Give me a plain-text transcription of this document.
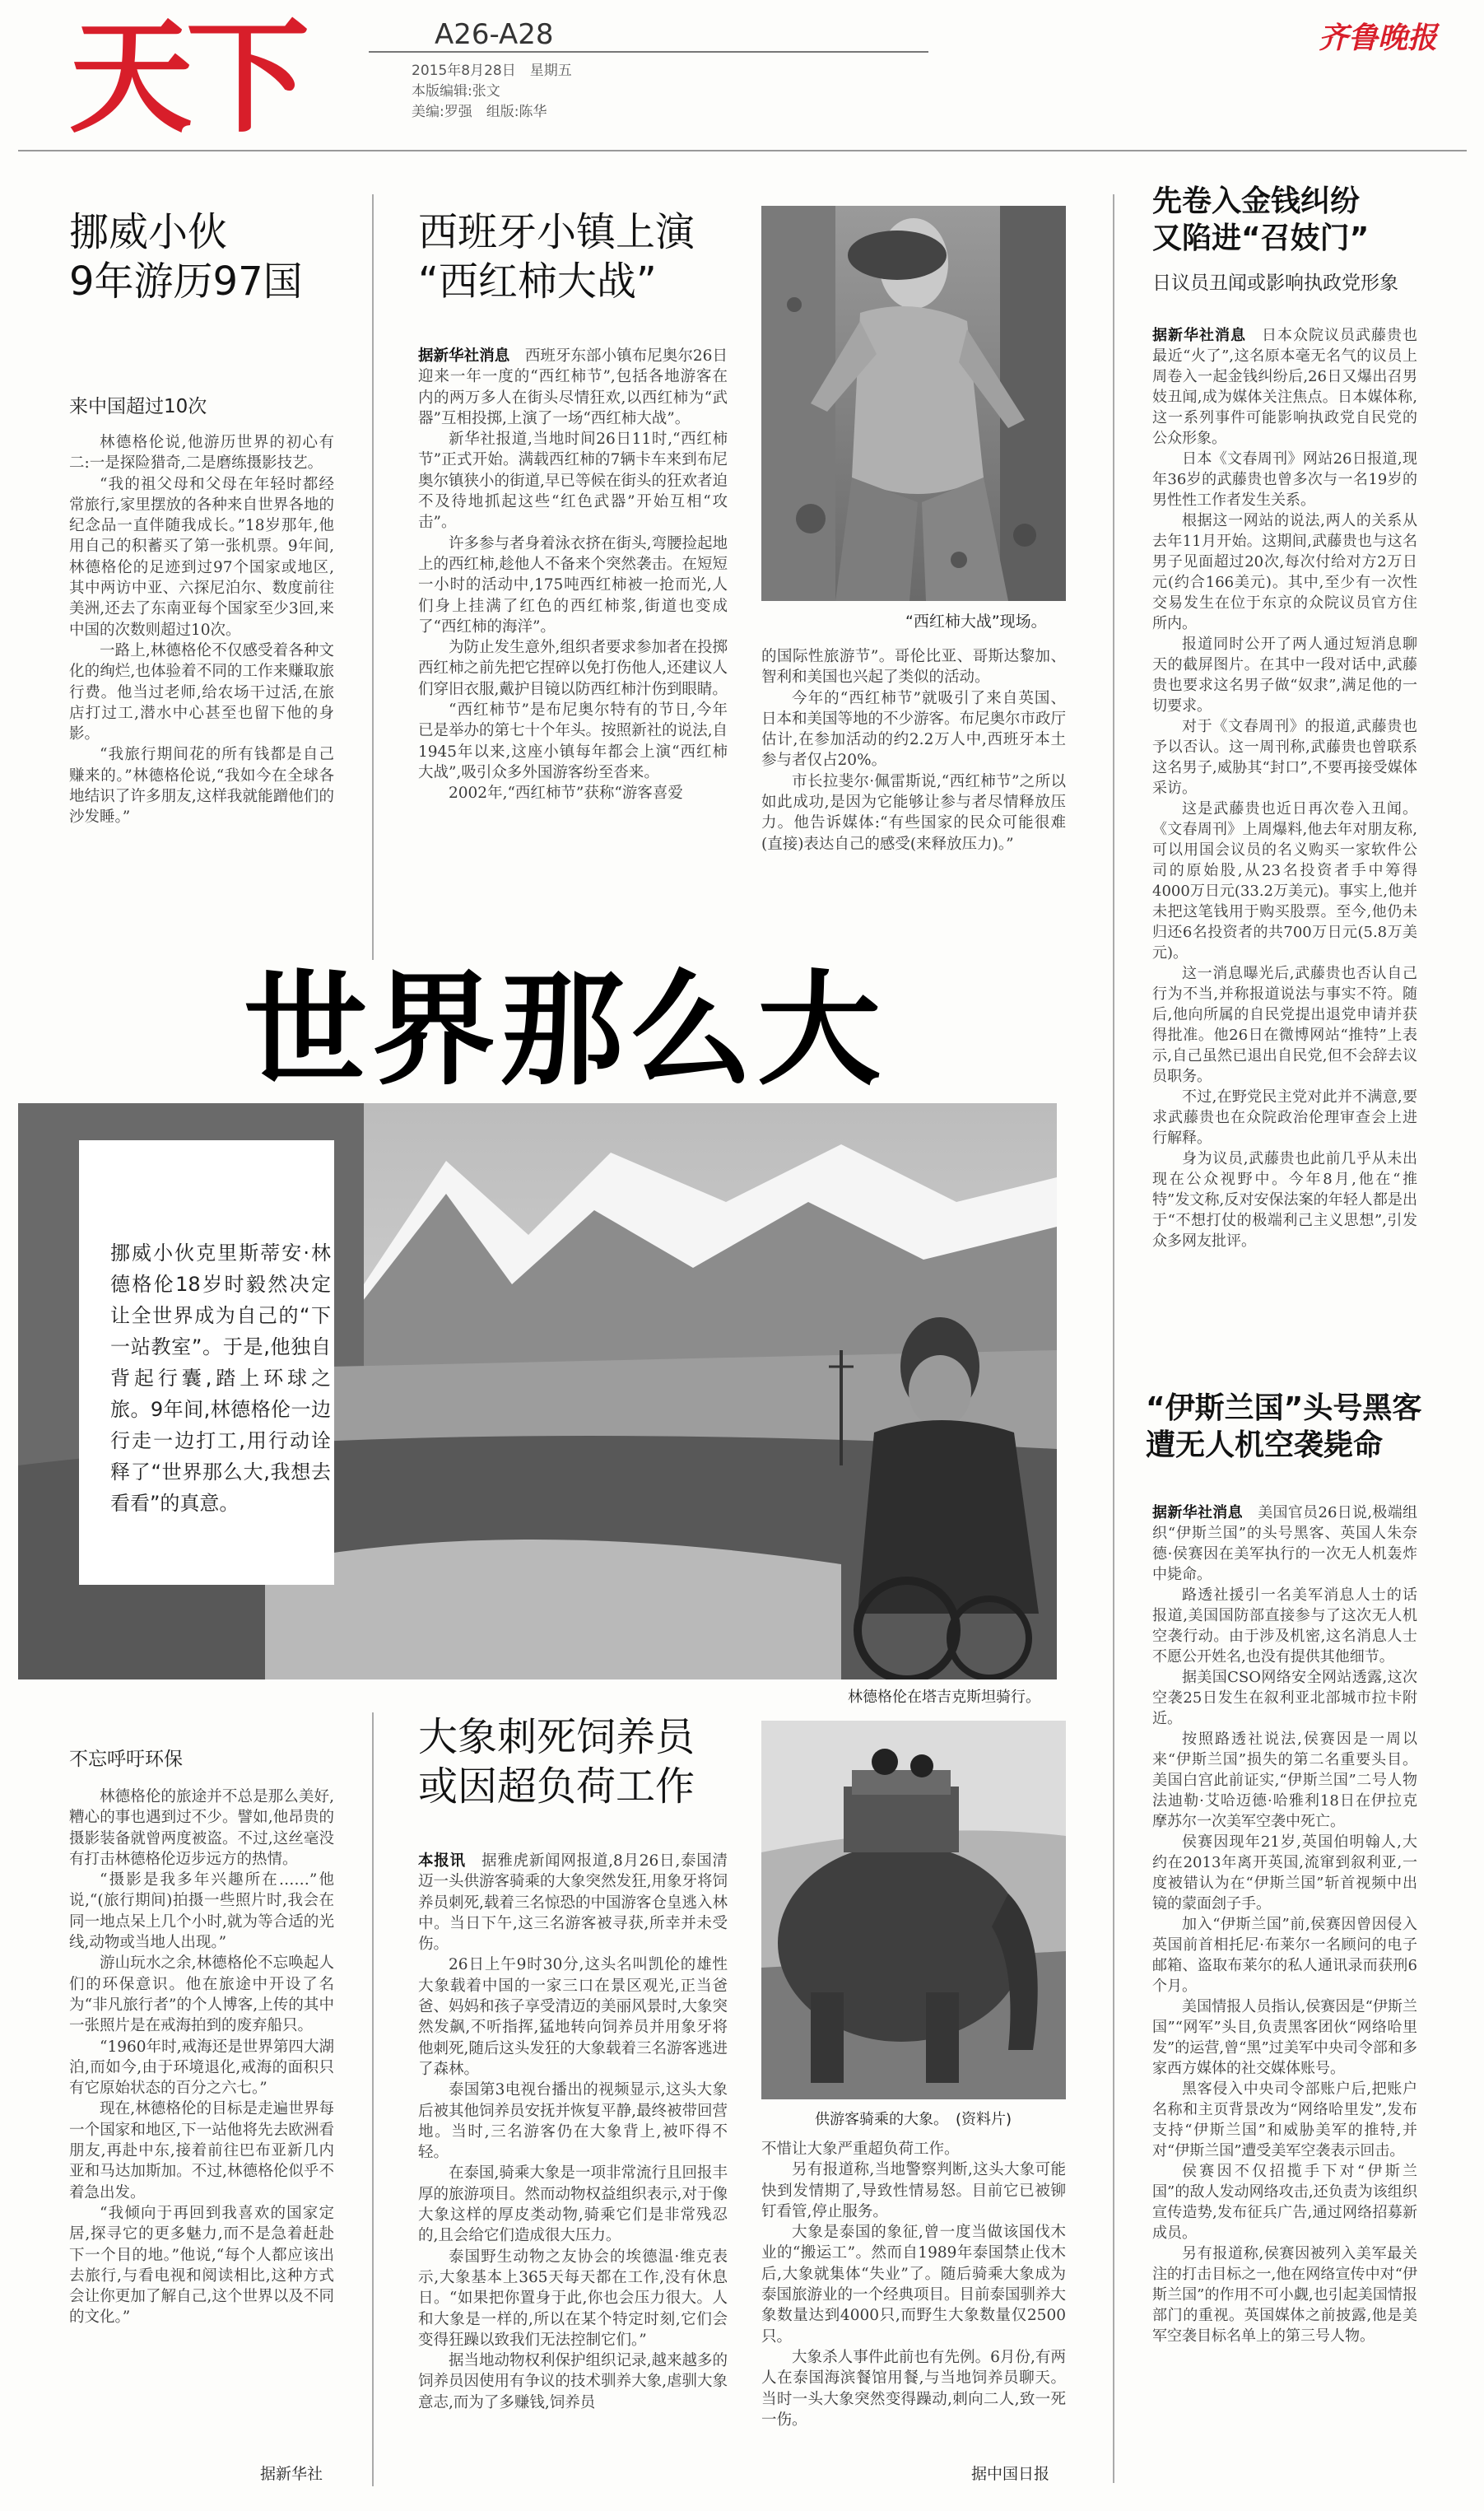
天下	A26-A28
2015年8月28日　星期五
本版编辑:张文
美编:罗强　组版:陈华
齐鲁晚报
挪威小伙
9年游历97国
来中国超过10次

林德格伦说,他游历世界的初心有二:一是探险猎奇,二是磨练摄影技艺。

“我的祖父母和父母在年轻时都经常旅行,家里摆放的各种来自世界各地的纪念品一直伴随我成长。”18岁那年,他用自己的积蓄买了第一张机票。9年间,林德格伦的足迹到过97个国家或地区,其中两访中亚、六探尼泊尔、数度前往美洲,还去了东南亚每个国家至少3回,来中国的次数则超过10次。

一路上,林德格伦不仅感受着各种文化的绚烂,也体验着不同的工作来赚取旅行费。他当过老师,给农场干过活,在旅店打过工,潜水中心甚至也留下他的身影。

“我旅行期间花的所有钱都是自己赚来的。”林德格伦说,“我如今在全球各地结识了许多朋友,这样我就能蹭他们的沙发睡。”

西班牙小镇上演
“西红柿大战”

据新华社消息　 西班牙东部小镇布尼奥尔26日迎来一年一度的“西红柿节”,包括各地游客在内的两万多人在街头尽情狂欢,以西红柿为“武器”互相投掷,上演了一场“西红柿大战”。

新华社报道,当地时间26日11时,“西红柿节”正式开始。满载西红柿的7辆卡车来到布尼奥尔镇狭小的街道,早已等候在街头的狂欢者迫不及待地抓起这些“红色武器”开始互相“攻击”。

许多参与者身着泳衣挤在街头,弯腰捡起地上的西红柿,趁他人不备来个突然袭击。在短短一小时的活动中,175吨西红柿被一抢而光,人们身上挂满了红色的西红柿浆,街道也变成了“西红柿的海洋”。

为防止发生意外,组织者要求参加者在投掷西红柿之前先把它捏碎以免打伤他人,还建议人们穿旧衣服,戴护目镜以防西红柿汁伤到眼睛。

“西红柿节”是布尼奥尔特有的节日,今年已是举办的第七十个年头。按照新社的说法,自1945年以来,这座小镇每年都会上演“西红柿大战”,吸引众多外国游客纷至沓来。

2002年,“西红柿节”获称“游客喜爱

“西红柿大战”现场。

的国际性旅游节”。哥伦比亚、哥斯达黎加、智利和美国也兴起了类似的活动。

今年的“西红柿节”就吸引了来自英国、日本和美国等地的不少游客。布尼奥尔市政厅估计,在参加活动的约2.2万人中,西班牙本土参与者仅占20%。

市长拉斐尔·佩雷斯说,“西红柿节”之所以如此成功,是因为它能够让参与者尽情释放压力。他告诉媒体:“有些国家的民众可能很难(直接)表达自己的感受(来释放压力)。”

世界那么大
挪威小伙克里斯蒂安·林德格伦18岁时毅然决定让全世界成为自己的“下一站教室”。于是,他独自背起行囊,踏上环球之旅。9年间,林德格伦一边行走一边打工,用行动诠释了“世界那么大,我想去看看”的真意。
林德格伦在塔吉克斯坦骑行。
不忘呼吁环保

林德格伦的旅途并不总是那么美好,糟心的事也遇到过不少。譬如,他昂贵的摄影装备就曾两度被盗。不过,这丝毫没有打击林德格伦迈步远方的热情。

“摄影是我多年兴趣所在……”他说,“(旅行期间)拍摄一些照片时,我会在同一地点呆上几个小时,就为等合适的光线,动物或当地人出现。”

游山玩水之余,林德格伦不忘唤起人们的环保意识。他在旅途中开设了名为“非凡旅行者”的个人博客,上传的其中一张照片是在戒海拍到的废弃船只。

“1960年时,戒海还是世界第四大湖泊,而如今,由于环境退化,戒海的面积只有它原始状态的百分之六七。”

现在,林德格伦的目标是走遍世界每一个国家和地区,下一站他将先去欧洲看朋友,再赴中东,接着前往巴布亚新几内亚和马达加斯加。不过,林德格伦似乎不着急出发。

“我倾向于再回到我喜欢的国家定居,探寻它的更多魅力,而不是急着赶赴下一个目的地。”他说,“每个人都应该出去旅行,与看电视和阅读相比,这种方式会让你更加了解自己,这个世界以及不同的文化。”

据新华社
大象刺死饲养员
或因超负荷工作

本报讯　 据雅虎新闻网报道,8月26日,泰国清迈一头供游客骑乘的大象突然发狂,用象牙将饲养员刺死,载着三名惊恐的中国游客仓皇逃入林中。当日下午,这三名游客被寻获,所幸并未受伤。

26日上午9时30分,这头名叫凯伦的雄性大象载着中国的一家三口在景区观光,正当爸爸、妈妈和孩子享受清迈的美丽风景时,大象突然发飙,不听指挥,猛地转向饲养员并用象牙将他刺死,随后这头发狂的大象载着三名游客逃进了森林。

泰国第3电视台播出的视频显示,这头大象后被其他饲养员安抚并恢复平静,最终被带回营地。当时,三名游客仍在大象背上,被吓得不轻。

在泰国,骑乘大象是一项非常流行且回报丰厚的旅游项目。然而动物权益组织表示,对于像大象这样的厚皮类动物,骑乘它们是非常残忍的,且会给它们造成很大压力。

泰国野生动物之友协会的埃德温·维克表示,大象基本上365天每天都在工作,没有休息日。“如果把你置身于此,你也会压力很大。人和大象是一样的,所以在某个特定时刻,它们会变得狂躁以致我们无法控制它们。”

据当地动物权利保护组织记录,越来越多的饲养员因使用有争议的技术驯养大象,虐驯大象意志,而为了多赚钱,饲养员

供游客骑乘的大象。　(资料片)

不惜让大象严重超负荷工作。

另有报道称,当地警察判断,这头大象可能快到发情期了,导致性情易怒。目前它已被铆钉看管,停止服务。

大象是泰国的象征,曾一度当做该国伐木业的“搬运工”。然而自1989年泰国禁止伐木后,大象就集体“失业”了。随后骑乘大象成为泰国旅游业的一个经典项目。目前泰国驯养大象数量达到4000只,而野生大象数量仅2500只。

大象杀人事件此前也有先例。6月份,有两人在泰国海滨餐馆用餐,与当地饲养员聊天。当时一头大象突然变得躁动,刺向二人,致一死一伤。

据中国日报
先卷入金钱纠纷
又陷进“召妓门”
日议员丑闻或影响执政党形象

据新华社消息　 日本众院议员武藤贵也最近“火了”,这名原本毫无名气的议员上周卷入一起金钱纠纷后,26日又爆出召男妓丑闻,成为媒体关注焦点。日本媒体称,这一系列事件可能影响执政党自民党的公众形象。

日本《文春周刊》网站26日报道,现年36岁的武藤贵也曾多次与一名19岁的男性性工作者发生关系。

根据这一网站的说法,两人的关系从去年11月开始。这期间,武藤贵也与这名男子见面超过20次,每次付给对方2万日元(约合166美元)。其中,至少有一次性交易发生在位于东京的众院议员官方住所内。

报道同时公开了两人通过短消息聊天的截屏图片。在其中一段对话中,武藤贵也要求这名男子做“奴隶”,满足他的一切要求。

对于《文春周刊》的报道,武藤贵也予以否认。这一周刊称,武藤贵也曾联系这名男子,威胁其“封口”,不要再接受媒体采访。

这是武藤贵也近日再次卷入丑闻。《文春周刊》上周爆料,他去年对朋友称,可以用国会议员的名义购买一家软件公司的原始股,从23名投资者手中筹得4000万日元(33.2万美元)。事实上,他并未把这笔钱用于购买股票。至今,他仍未归还6名投资者的共700万日元(5.8万美元)。

这一消息曝光后,武藤贵也否认自己行为不当,并称报道说法与事实不符。随后,他向所属的自民党提出退党申请并获得批准。他26日在微博网站“推特”上表示,自己虽然已退出自民党,但不会辞去议员职务。

不过,在野党民主党对此并不满意,要求武藤贵也在众院政治伦理审查会上进行解释。

身为议员,武藤贵也此前几乎从未出现在公众视野中。今年8月,他在“推特”发文称,反对安保法案的年轻人都是出于“不想打仗的极端利己主义思想”,引发众多网友批评。

“伊斯兰国”头号黑客
遭无人机空袭毙命

据新华社消息　 美国官员26日说,极端组织“伊斯兰国”的头号黑客、英国人朱奈德·侯赛因在美军执行的一次无人机轰炸中毙命。

路透社援引一名美军消息人士的话报道,美国国防部直接参与了这次无人机空袭行动。由于涉及机密,这名消息人士不愿公开姓名,也没有提供其他细节。

据美国CSO网络安全网站透露,这次空袭25日发生在叙利亚北部城市拉卡附近。

按照路透社说法,侯赛因是一周以来“伊斯兰国”损失的第二名重要头目。美国白宫此前证实,“伊斯兰国”二号人物法迪勒·艾哈迈德·哈雅利18日在伊拉克摩苏尔一次美军空袭中死亡。

侯赛因现年21岁,英国伯明翰人,大约在2013年离开英国,流窜到叙利亚,一度被错认为在“伊斯兰国”斩首视频中出镜的蒙面刽子手。

加入“伊斯兰国”前,侯赛因曾因侵入英国前首相托尼·布莱尔一名顾问的电子邮箱、盗取布莱尔的私人通讯录而获刑6个月。

美国情报人员指认,侯赛因是“伊斯兰国”“网军”头目,负责黑客团伙“网络哈里发”的运营,曾“黑”过美军中央司令部和多家西方媒体的社交媒体账号。

黑客侵入中央司令部账户后,把账户名称和主页背景改为“网络哈里发”,发布支持“伊斯兰国”和威胁美军的推特,并对“伊斯兰国”遭受美军空袭表示回击。

侯赛因不仅招揽手下对“伊斯兰国”的敌人发动网络攻击,还负责为该组织宣传造势,发布征兵广告,通过网络招募新成员。

另有报道称,侯赛因被列入美军最关注的打击目标之一,他在网络宣传中对“伊斯兰国”的作用不可小觑,也引起美国情报部门的重视。英国媒体之前披露,他是美军空袭目标名单上的第三号人物。
